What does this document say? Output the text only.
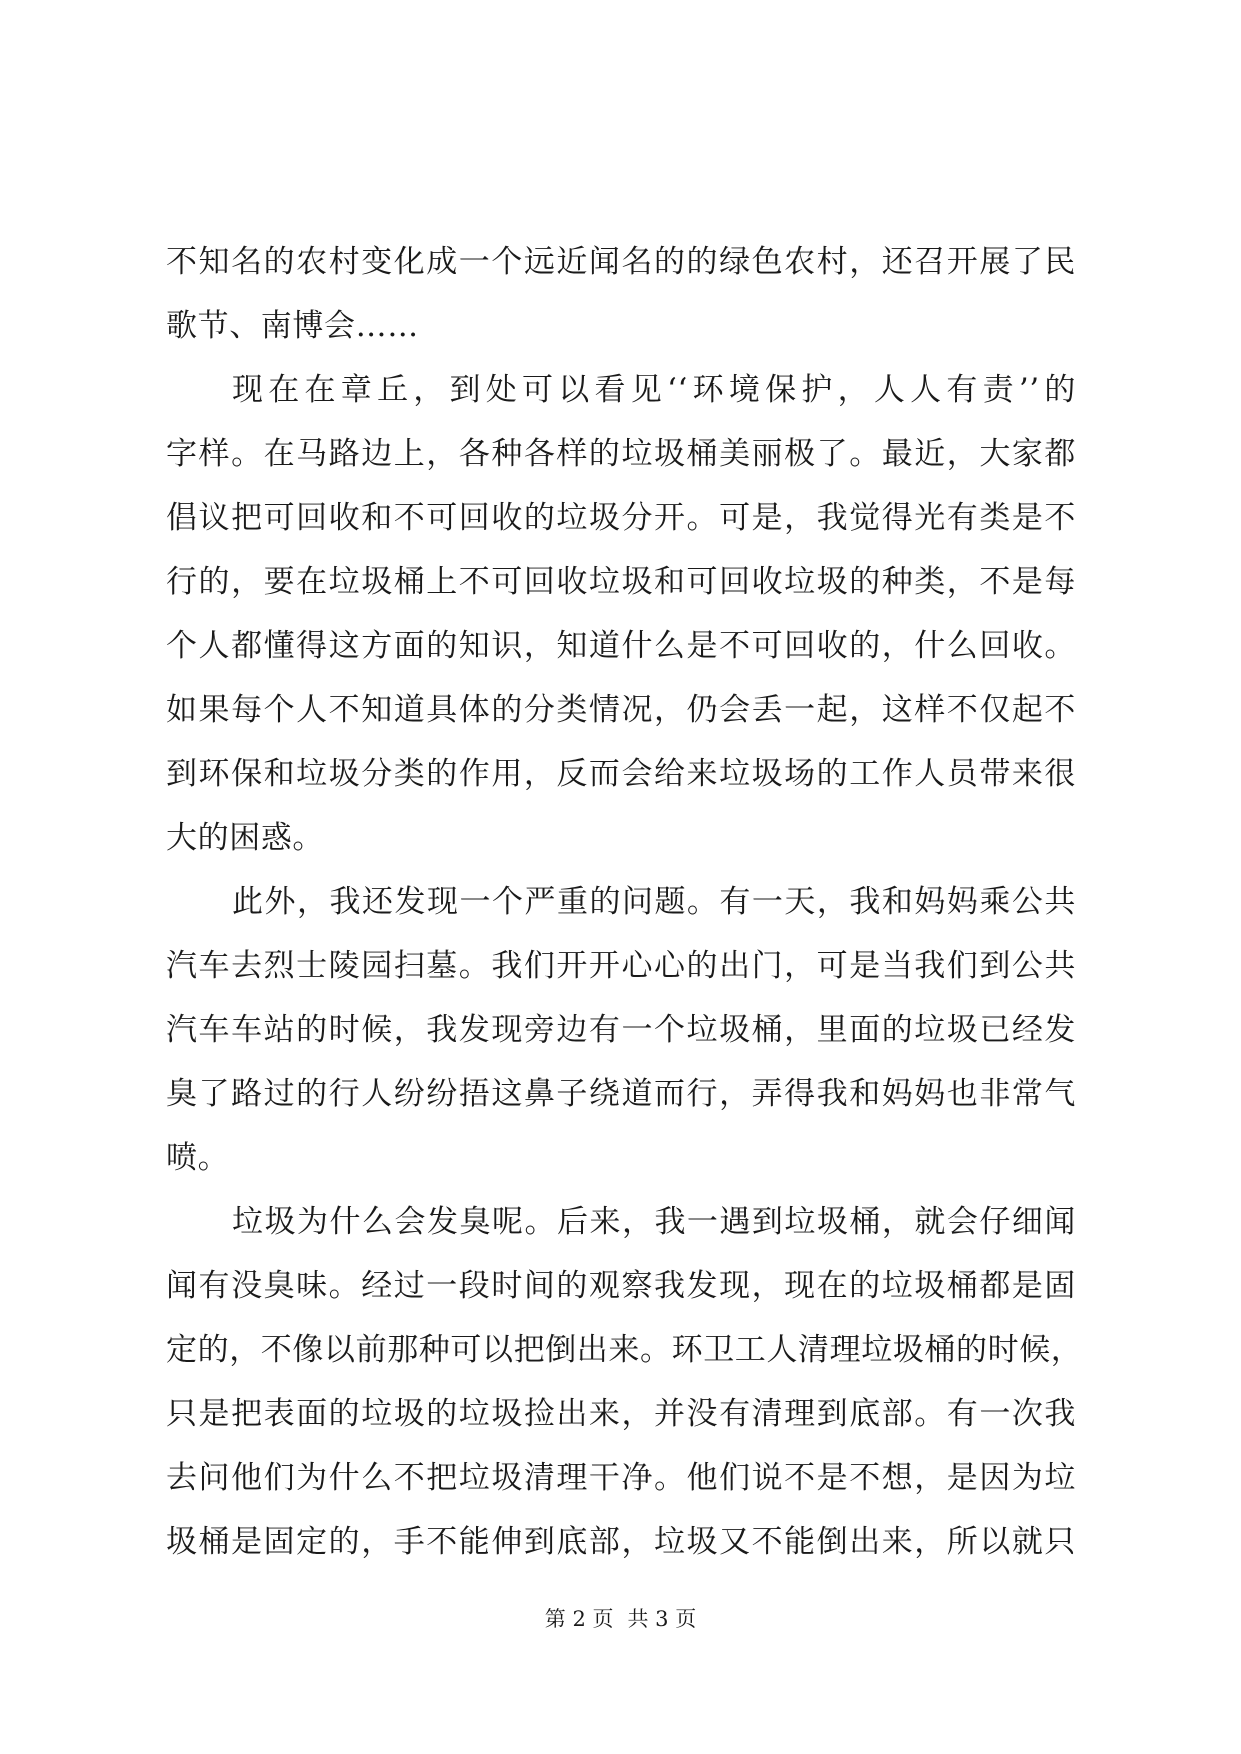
不知名的农村变化成一个远近闻名的的绿色农村，还召开展了民
歌节、南博会……
现在在章丘，到处可以看见‘‘环境保护，人人有责’’的
字样。在马路边上，各种各样的垃圾桶美丽极了。最近，大家都
倡议把可回收和不可回收的垃圾分开。可是，我觉得光有类是不
行的，要在垃圾桶上不可回收垃圾和可回收垃圾的种类，不是每
个人都懂得这方面的知识，知道什么是不可回收的，什么回收。
如果每个人不知道具体的分类情况，仍会丢一起，这样不仅起不
到环保和垃圾分类的作用，反而会给来垃圾场的工作人员带来很
大的困惑。
此外，我还发现一个严重的问题。有一天，我和妈妈乘公共
汽车去烈士陵园扫墓。我们开开心心的出门，可是当我们到公共
汽车车站的时候，我发现旁边有一个垃圾桶，里面的垃圾已经发
臭了路过的行人纷纷捂这鼻子绕道而行，弄得我和妈妈也非常气
喷。
垃圾为什么会发臭呢。后来，我一遇到垃圾桶，就会仔细闻
闻有没臭味。经过一段时间的观察我发现，现在的垃圾桶都是固
定的，不像以前那种可以把倒出来。环卫工人清理垃圾桶的时候，
只是把表面的垃圾的垃圾捡出来，并没有清理到底部。有一次我
去问他们为什么不把垃圾清理干净。他们说不是不想，是因为垃
圾桶是固定的，手不能伸到底部，垃圾又不能倒出来，所以就只
第 2 页 共 3 页
